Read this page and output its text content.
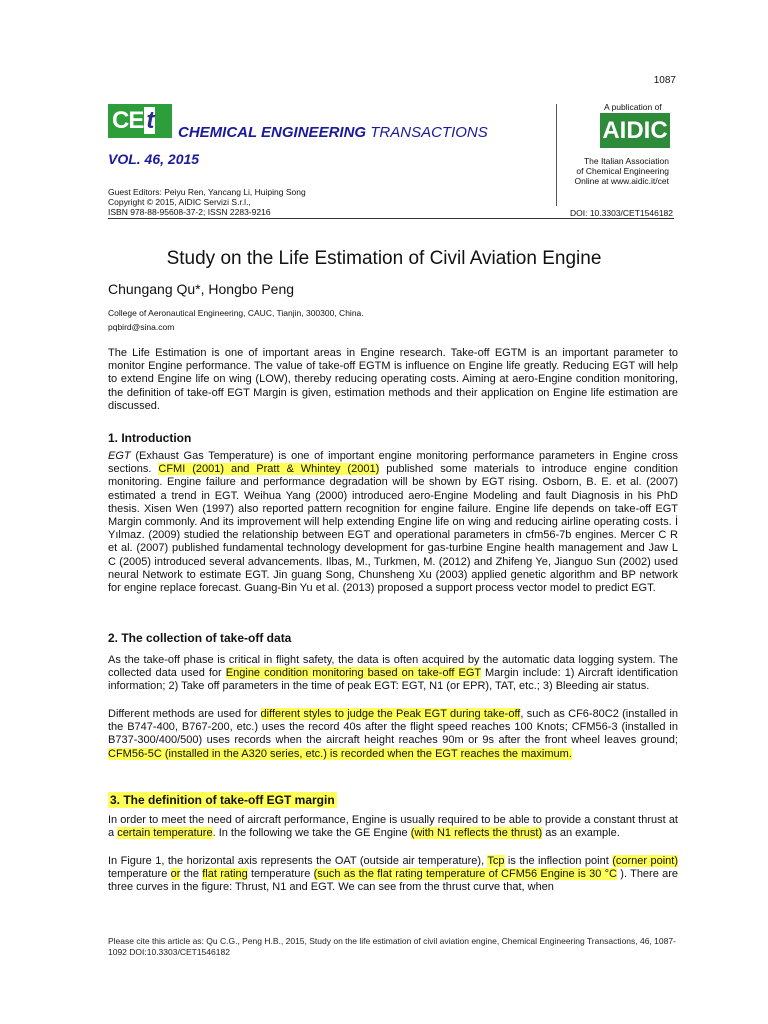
1087
CE t	CHEMICAL ENGINEERING TRANSACTIONS
VOL. 46, 2015
A publication of
AIDIC
The Italian Association
of Chemical Engineering
Online at www.aidic.it/cet
Guest Editors: Peiyu Ren, Yancang Li, Huiping Song
Copyright © 2015, AIDIC Servizi S.r.l.,
ISBN 978-88-95608-37-2; ISSN 2283-9216	DOI: 10.3303/CET1546182
Study on the Life Estimation of Civil Aviation Engine
Chungang Qu*, Hongbo Peng
College of Aeronautical Engineering, CAUC, Tianjin, 300300, China.
pqbird@sina.com
The Life Estimation is one of important areas in Engine research. Take-off EGTM is an important parameter to monitor Engine performance. The value of take-off EGTM is influence on Engine life greatly. Reducing EGT will help to extend Engine life on wing (LOW), thereby reducing operating costs. Aiming at aero-Engine condition monitoring, the definition of take-off EGT Margin is given, estimation methods and their application on Engine life estimation are discussed.
1. Introduction
EGT (Exhaust Gas Temperature) is one of important engine monitoring performance parameters in Engine cross sections. CFMI (2001) and Pratt & Whintey (2001) published some materials to introduce engine condition monitoring. Engine failure and performance degradation will be shown by EGT rising. Osborn, B. E. et al. (2007) estimated a trend in EGT. Weihua Yang (2000) introduced aero-Engine Modeling and fault Diagnosis in his PhD thesis. Xisen Wen (1997) also reported pattern recognition for engine failure. Engine life depends on take-off EGT Margin commonly. And its improvement will help extending Engine life on wing and reducing airline operating costs. İ Yılmaz. (2009) studied the relationship between EGT and operational parameters in cfm56-7b engines. Mercer C R et al. (2007) published fundamental technology development for gas-turbine Engine health management and Jaw L C (2005) introduced several advancements. Ilbas, M., Turkmen, M. (2012) and Zhifeng Ye, Jianguo Sun (2002) used neural Network to estimate EGT. Jin guang Song, Chunsheng Xu (2003) applied genetic algorithm and BP network for engine replace forecast. Guang-Bin Yu et al. (2013) proposed a support process vector model to predict EGT.
2. The collection of take-off data
As the take-off phase is critical in flight safety, the data is often acquired by the automatic data logging system. The collected data used for Engine condition monitoring based on take-off EGT Margin include: 1) Aircraft identification information; 2) Take off parameters in the time of peak EGT: EGT, N1 (or EPR), TAT, etc.; 3) Bleeding air status.
Different methods are used for different styles to judge the Peak EGT during take-off, such as CF6-80C2 (installed in the B747-400, B767-200, etc.) uses the record 40s after the flight speed reaches 100 Knots; CFM56-3 (installed in B737-300/400/500) uses records when the aircraft height reaches 90m or 9s after the front wheel leaves ground; CFM56-5C (installed in the A320 series, etc.) is recorded when the EGT reaches the maximum.
3. The definition of take-off EGT margin
In order to meet the need of aircraft performance, Engine is usually required to be able to provide a constant thrust at a certain temperature. In the following we take the GE Engine (with N1 reflects the thrust) as an example.
In Figure 1, the horizontal axis represents the OAT (outside air temperature), Tcp is the inflection point (corner point) temperature or the flat rating temperature (such as the flat rating temperature of CFM56 Engine is 30 °C ). There are three curves in the figure: Thrust, N1 and EGT. We can see from the thrust curve that, when
Please cite this article as: Qu C.G., Peng H.B., 2015, Study on the life estimation of civil aviation engine, Chemical Engineering Transactions, 46, 1087-1092 DOI:10.3303/CET1546182
